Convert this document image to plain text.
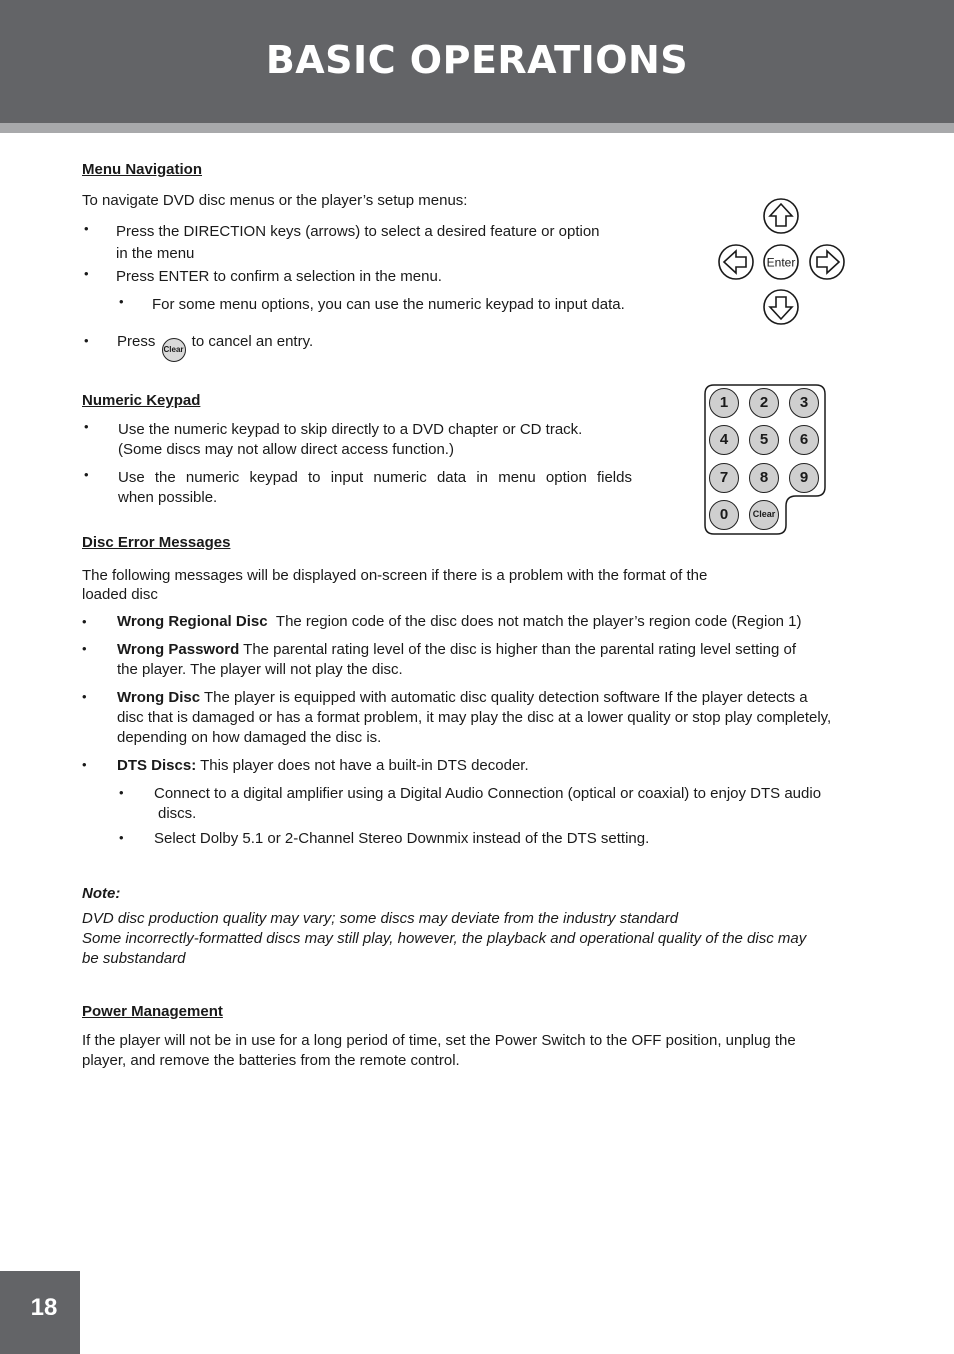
BASIC OPERATIONS
Menu Navigation

To navigate DVD disc menus or the player’s setup menus:

• Press the DIRECTION keys (arrows) to select a desired feature or option

in the menu

• Press ENTER to confirm a selection in the menu.

• For some menu options, you can use the numeric keypad to input data.

• Press Clear to cancel an entry.

Enter
Numeric Keypad
• Use the numeric keypad to skip directly to a DVD chapter or CD track.

(Some discs may not allow direct access function.)

• Use the numeric keypad to input numeric data in menu option fields

when possible.

1	2	3
4	5	6
7	8	9
0	Clear
Disc Error Messages

The following messages will be displayed on-screen if there is a problem with the format of the

loaded disc

• Wrong Regional Disc The region code of the disc does not match the player’s region code (Region 1)

• Wrong Password The parental rating level of the disc is higher than the parental rating level setting of

the player. The player will not play the disc.

• Wrong Disc The player is equipped with automatic disc quality detection software If the player detects a

disc that is damaged or has a format problem, it may play the disc at a lower quality or stop play completely,

depending on how damaged the disc is.

• DTS Discs: This player does not have a built-in DTS decoder.

• Connect to a digital amplifier using a Digital Audio Connection (optical or coaxial) to enjoy DTS audio

discs.

• Select Dolby 5.1 or 2-Channel Stereo Downmix instead of the DTS setting.

Note:

DVD disc production quality may vary; some discs may deviate from the industry standard

Some incorrectly-formatted discs may still play, however, the playback and operational quality of the disc may

be substandard

Power Management

If the player will not be in use for a long period of time, set the Power Switch to the OFF position, unplug the

player, and remove the batteries from the remote control.

18
